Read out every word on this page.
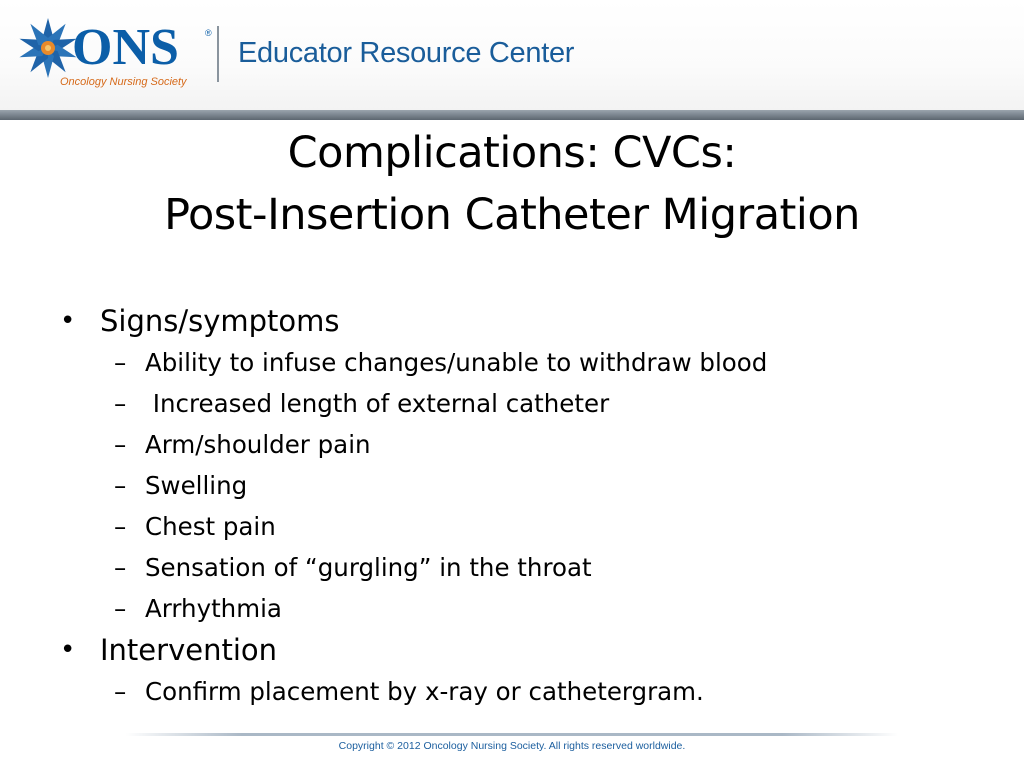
ONS	®
Oncology Nursing Society
Educator Resource Center
Complications: CVCs:
Post-Insertion Catheter Migration
• Signs/symptoms
– Ability to infuse changes/unable to withdraw blood
– Increased length of external catheter
– Arm/shoulder pain
– Swelling
– Chest pain
– Sensation of “gurgling” in the throat
– Arrhythmia
• Intervention
– Confirm placement by x-ray or cathetergram.
Copyright © 2012 Oncology Nursing Society. All rights reserved worldwide.
